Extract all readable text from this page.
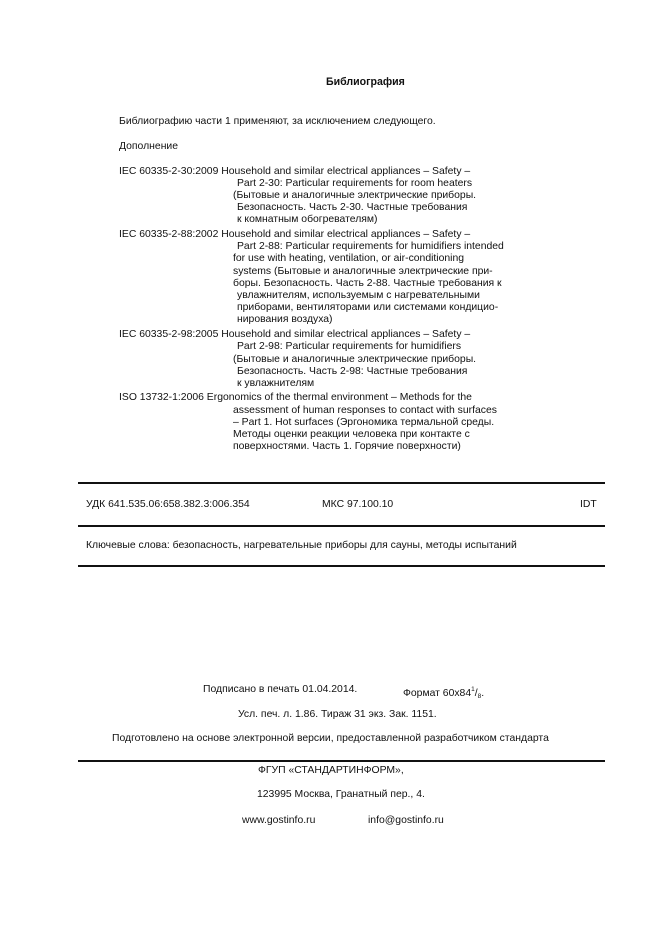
Библиография
Библиографию части 1 применяют, за исключением следующего.
Дополнение
IEC 60335-2-30:2009 Household and similar electrical appliances – Safety –
Part 2-30: Particular requirements for room heaters
(Бытовые и аналогичные электрические приборы.
Безопасность. Часть 2-30. Частные требования
к комнатным обогревателям)
IEC 60335-2-88:2002 Household and similar electrical appliances – Safety –
Part 2-88: Particular requirements for humidifiers intended
for use with heating, ventilation, or air-conditioning
systems (Бытовые и аналогичные электрические при-
боры. Безопасность. Часть 2-88. Частные требования к
увлажнителям, используемым с нагревательными
приборами, вентиляторами или системами кондицио-
нирования воздуха)
IEC 60335-2-98:2005 Household and similar electrical appliances – Safety –
Part 2-98: Particular requirements for humidifiers
(Бытовые и аналогичные электрические приборы.
Безопасность. Часть 2-98: Частные требования
к увлажнителям
ISO 13732-1:2006 Ergonomics of the thermal environment – Methods for the
assessment of human responses to contact with surfaces
– Part 1. Hot surfaces (Эргономика термальной среды.
Методы оценки реакции человека при контакте с
поверхностями. Часть 1. Горячие поверхности)
УДК 641.535.06:658.382.3:006.354	МКС 97.100.10	IDT
Ключевые слова: безопасность, нагревательные приборы для сауны, методы испытаний
Подписано в печать 01.04.2014.	Формат $60х84^1/_8$.
Усл. печ. л. 1.86. Тираж 31 экз. Зак. 1151.
Подготовлено на основе электронной версии, предоставленной разработчиком стандарта
ФГУП «СТАНДАРТИНФОРМ»,
123995 Москва, Гранатный пер., 4.
www.gostinfo.ru	info@gostinfo.ru
